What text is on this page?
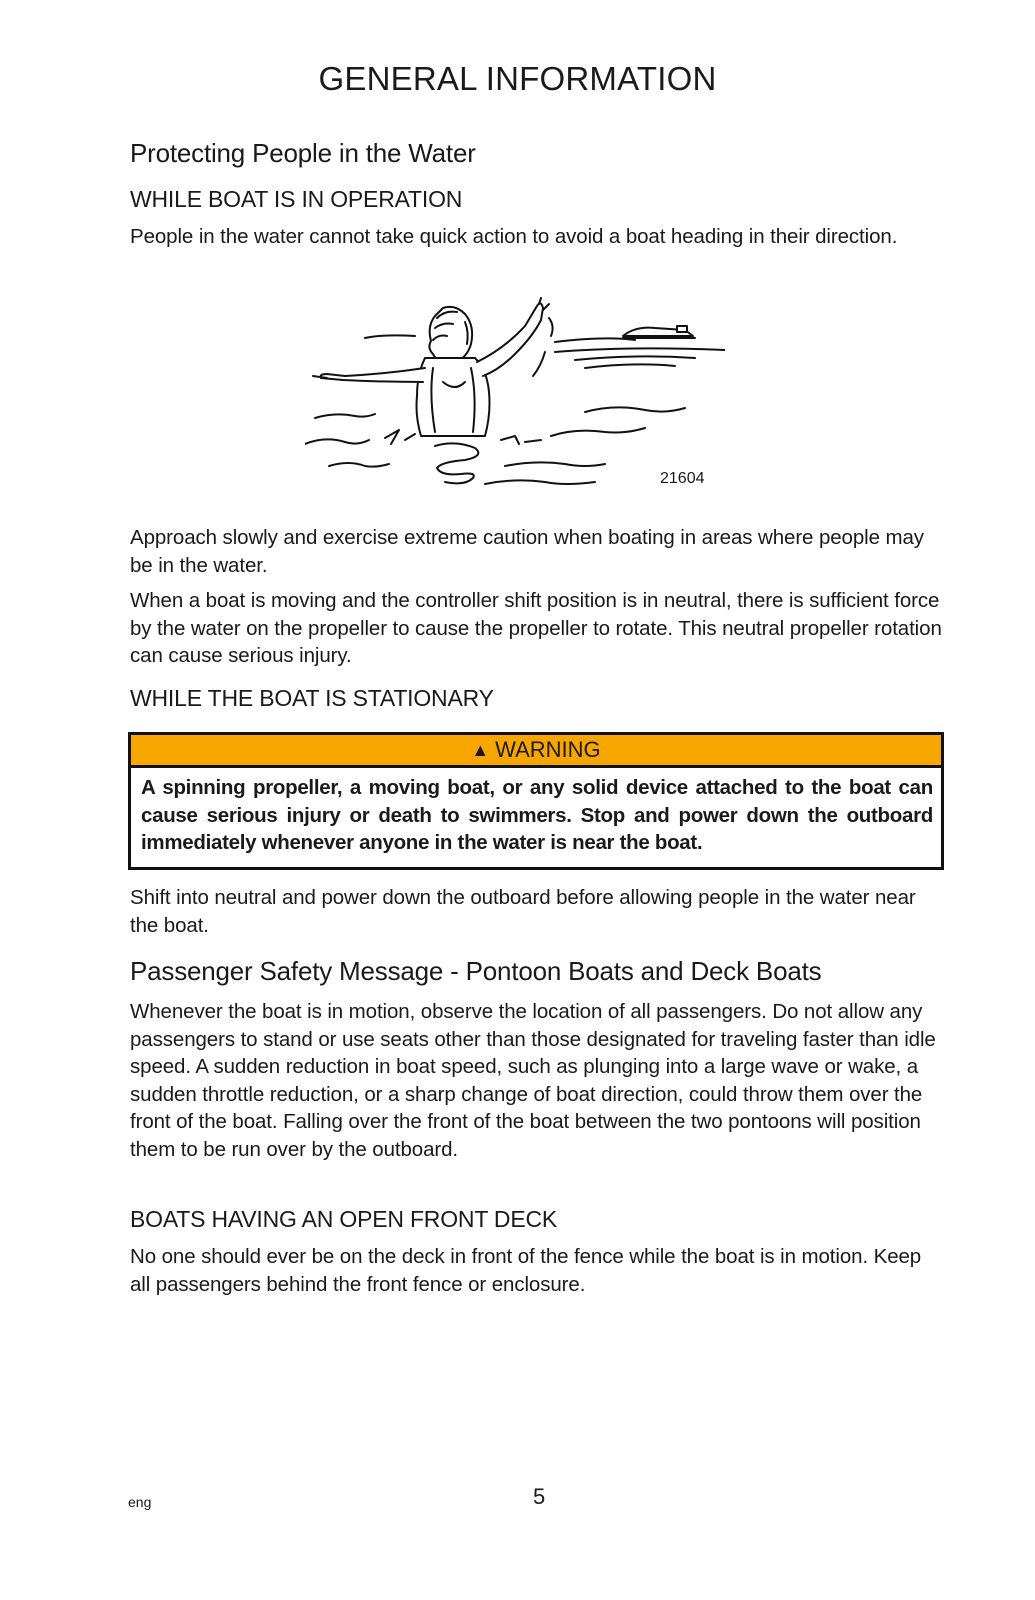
GENERAL INFORMATION
Protecting People in the Water
WHILE BOAT IS IN OPERATION

People in the water cannot take quick action to avoid a boat heading in their direction.

21604

Approach slowly and exercise extreme caution when boating in areas where people may be in the water.

When a boat is moving and the controller shift position is in neutral, there is sufficient force by the water on the propeller to cause the propeller to rotate. This neutral propeller rotation can cause serious injury.

WHILE THE BOAT IS STATIONARY
▲ WARNING
A spinning propeller, a moving boat, or any solid device attached to the boat can cause serious injury or death to swimmers. Stop and power down the outboard immediately whenever anyone in the water is near the boat.

Shift into neutral and power down the outboard before allowing people in the water near the boat.

Passenger Safety Message - Pontoon Boats and Deck Boats

Whenever the boat is in motion, observe the location of all passengers. Do not allow any passengers to stand or use seats other than those designated for traveling faster than idle speed. A sudden reduction in boat speed, such as plunging into a large wave or wake, a sudden throttle reduction, or a sharp change of boat direction, could throw them over the front of the boat. Falling over the front of the boat between the two pontoons will position them to be run over by the outboard.

BOATS HAVING AN OPEN FRONT DECK

No one should ever be on the deck in front of the fence while the boat is in motion. Keep all passengers behind the front fence or enclosure.

eng	5
